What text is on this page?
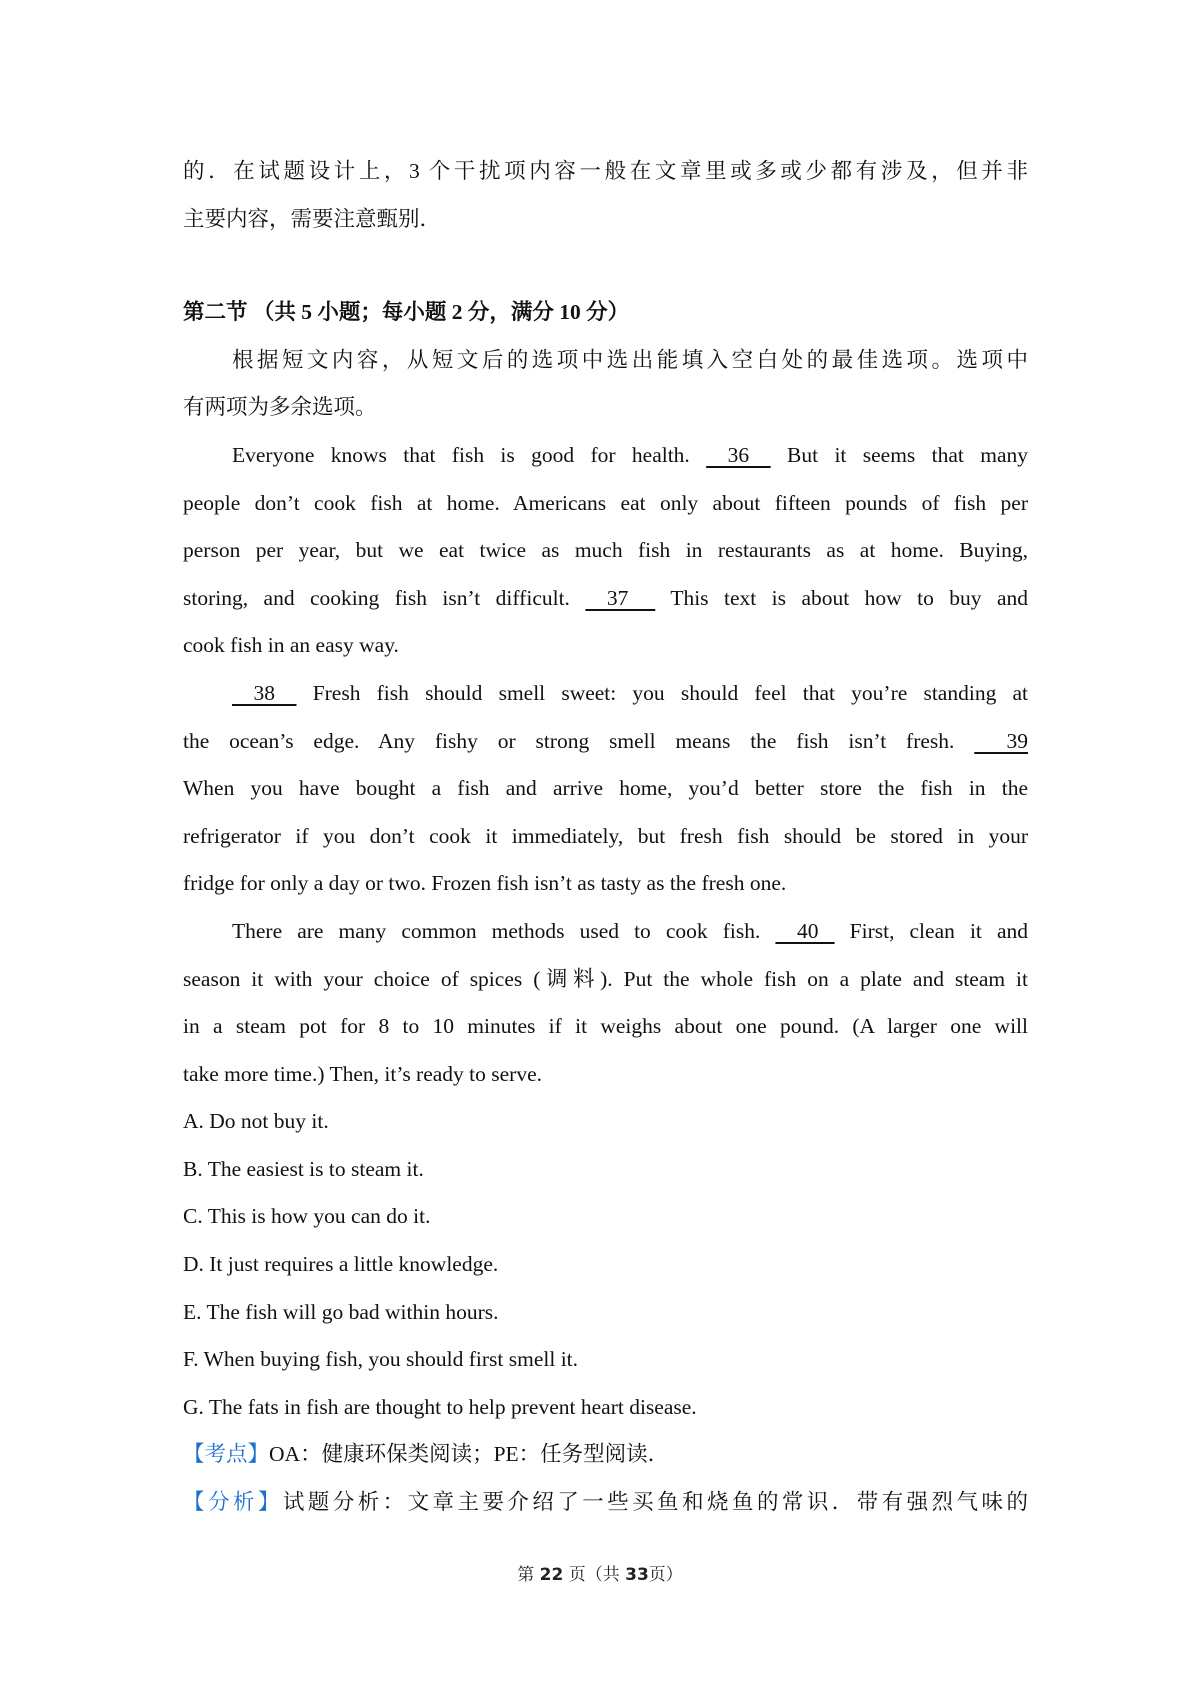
的．在试题设计上，3 个干扰项内容一般在文章里或多或少都有涉及，但并非
主要内容，需要注意甄别．
第二节 （共 5 小题；每小题 2 分，满分 10 分）
根据短文内容，从短文后的选项中选出能填入空白处的最佳选项。选项中
有两项为多余选项。
Everyone knows that fish is good for health.     36     But it seems that many
people don’t cook fish at home. Americans eat only about fifteen pounds of fish per
person per year, but we eat twice as much fish in restaurants as at home. Buying,
storing, and cooking fish isn’t difficult.     37      This text is about how to buy and
cook fish in an easy way.
38     Fresh fish should smell sweet: you should feel that you’re standing at
the ocean’s edge. Any fishy or strong smell means the fish isn’t fresh.       39
When you have bought a fish and arrive home, you’d better store the fish in the
refrigerator if you don’t cook it immediately, but fresh fish should be stored in your
fridge for only a day or two. Frozen fish isn’t as tasty as the fresh one.
There are many common methods used to cook fish.     40    First, clean it and
season it with your choice of spices (调料). Put the whole fish on a plate and steam it
in a steam pot for 8 to 10 minutes if it weighs about one pound. (A larger one will
take more time.) Then, it’s ready to serve.
A. Do not buy it.
B. The easiest is to steam it.
C. This is how you can do it.
D. It just requires a little knowledge.
E. The fish will go bad within hours.
F. When buying fish, you should first smell it.
G. The fats in fish are thought to help prevent heart disease.
【考点】OA：健康环保类阅读；PE：任务型阅读．
【分析】试题分析：文章主要介绍了一些买鱼和烧鱼的常识．带有强烈气味的
第 22 页（共 33页）
